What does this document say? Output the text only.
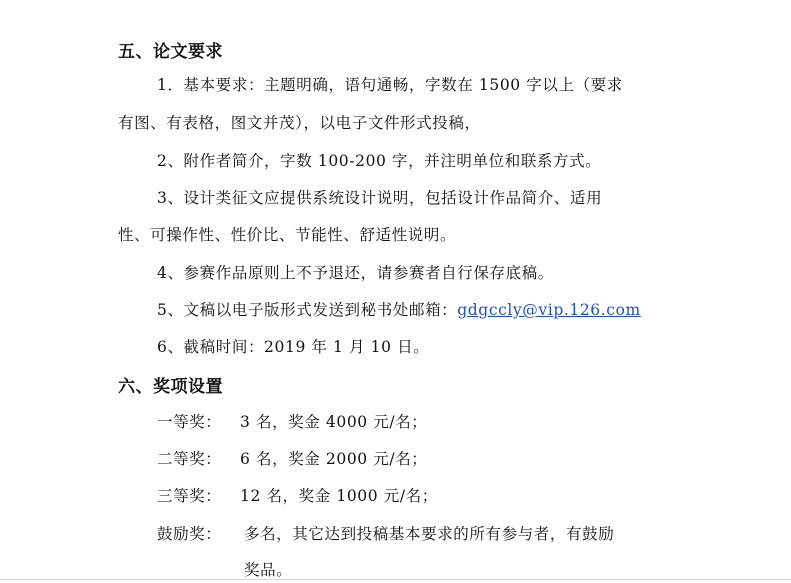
五、论文要求
1．基本要求：主题明确，语句通畅，字数在 1500 字以上（要求
有图、有表格，图文并茂），以电子文件形式投稿，
2、附作者简介，字数 100-200 字，并注明单位和联系方式。
3、设计类征文应提供系统设计说明，包括设计作品简介、适用
性、可操作性、性价比、节能性、舒适性说明。
4、参赛作品原则上不予退还，请参赛者自行保存底稿。
5、文稿以电子版形式发送到秘书处邮箱：gdgccly@vip.126.com
6、截稿时间：2019 年 1 月 10 日。
六、奖项设置
一等奖： 3 名，奖金 4000 元/名；
二等奖： 6 名，奖金 2000 元/名；
三等奖： 12 名，奖金 1000 元/名；
鼓励奖： 多名，其它达到投稿基本要求的所有参与者，有鼓励
奖品。
